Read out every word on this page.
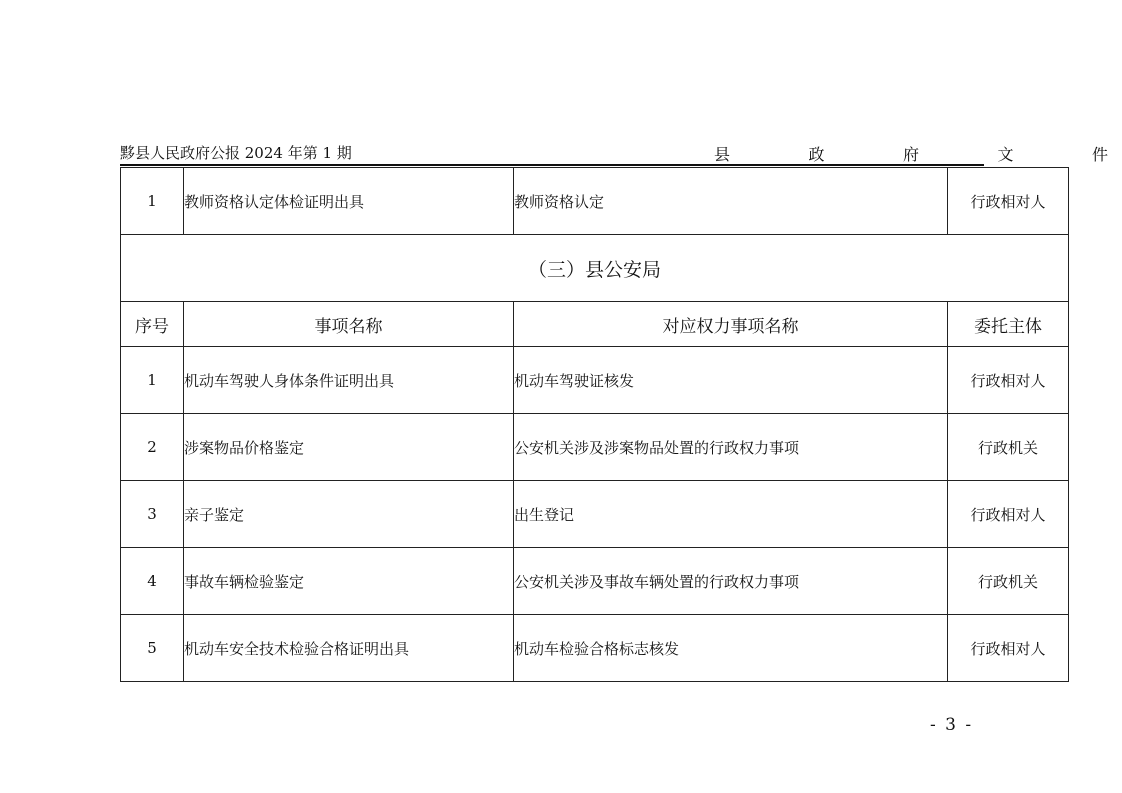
黟县人民政府公报 2024 年第 1 期	县	政	府	文	件
1	教师资格认定体检证明出具	教师资格认定	行政相对人
（三）县公安局			
序号	事项名称	对应权力事项名称	委托主体
1	机动车驾驶人身体条件证明出具	机动车驾驶证核发	行政相对人
2	涉案物品价格鉴定	公安机关涉及涉案物品处置的行政权力事项	行政机关
3	亲子鉴定	出生登记	行政相对人
4	事故车辆检验鉴定	公安机关涉及事故车辆处置的行政权力事项	行政机关
5	机动车安全技术检验合格证明出具	机动车检验合格标志核发	行政相对人
- 3 -
